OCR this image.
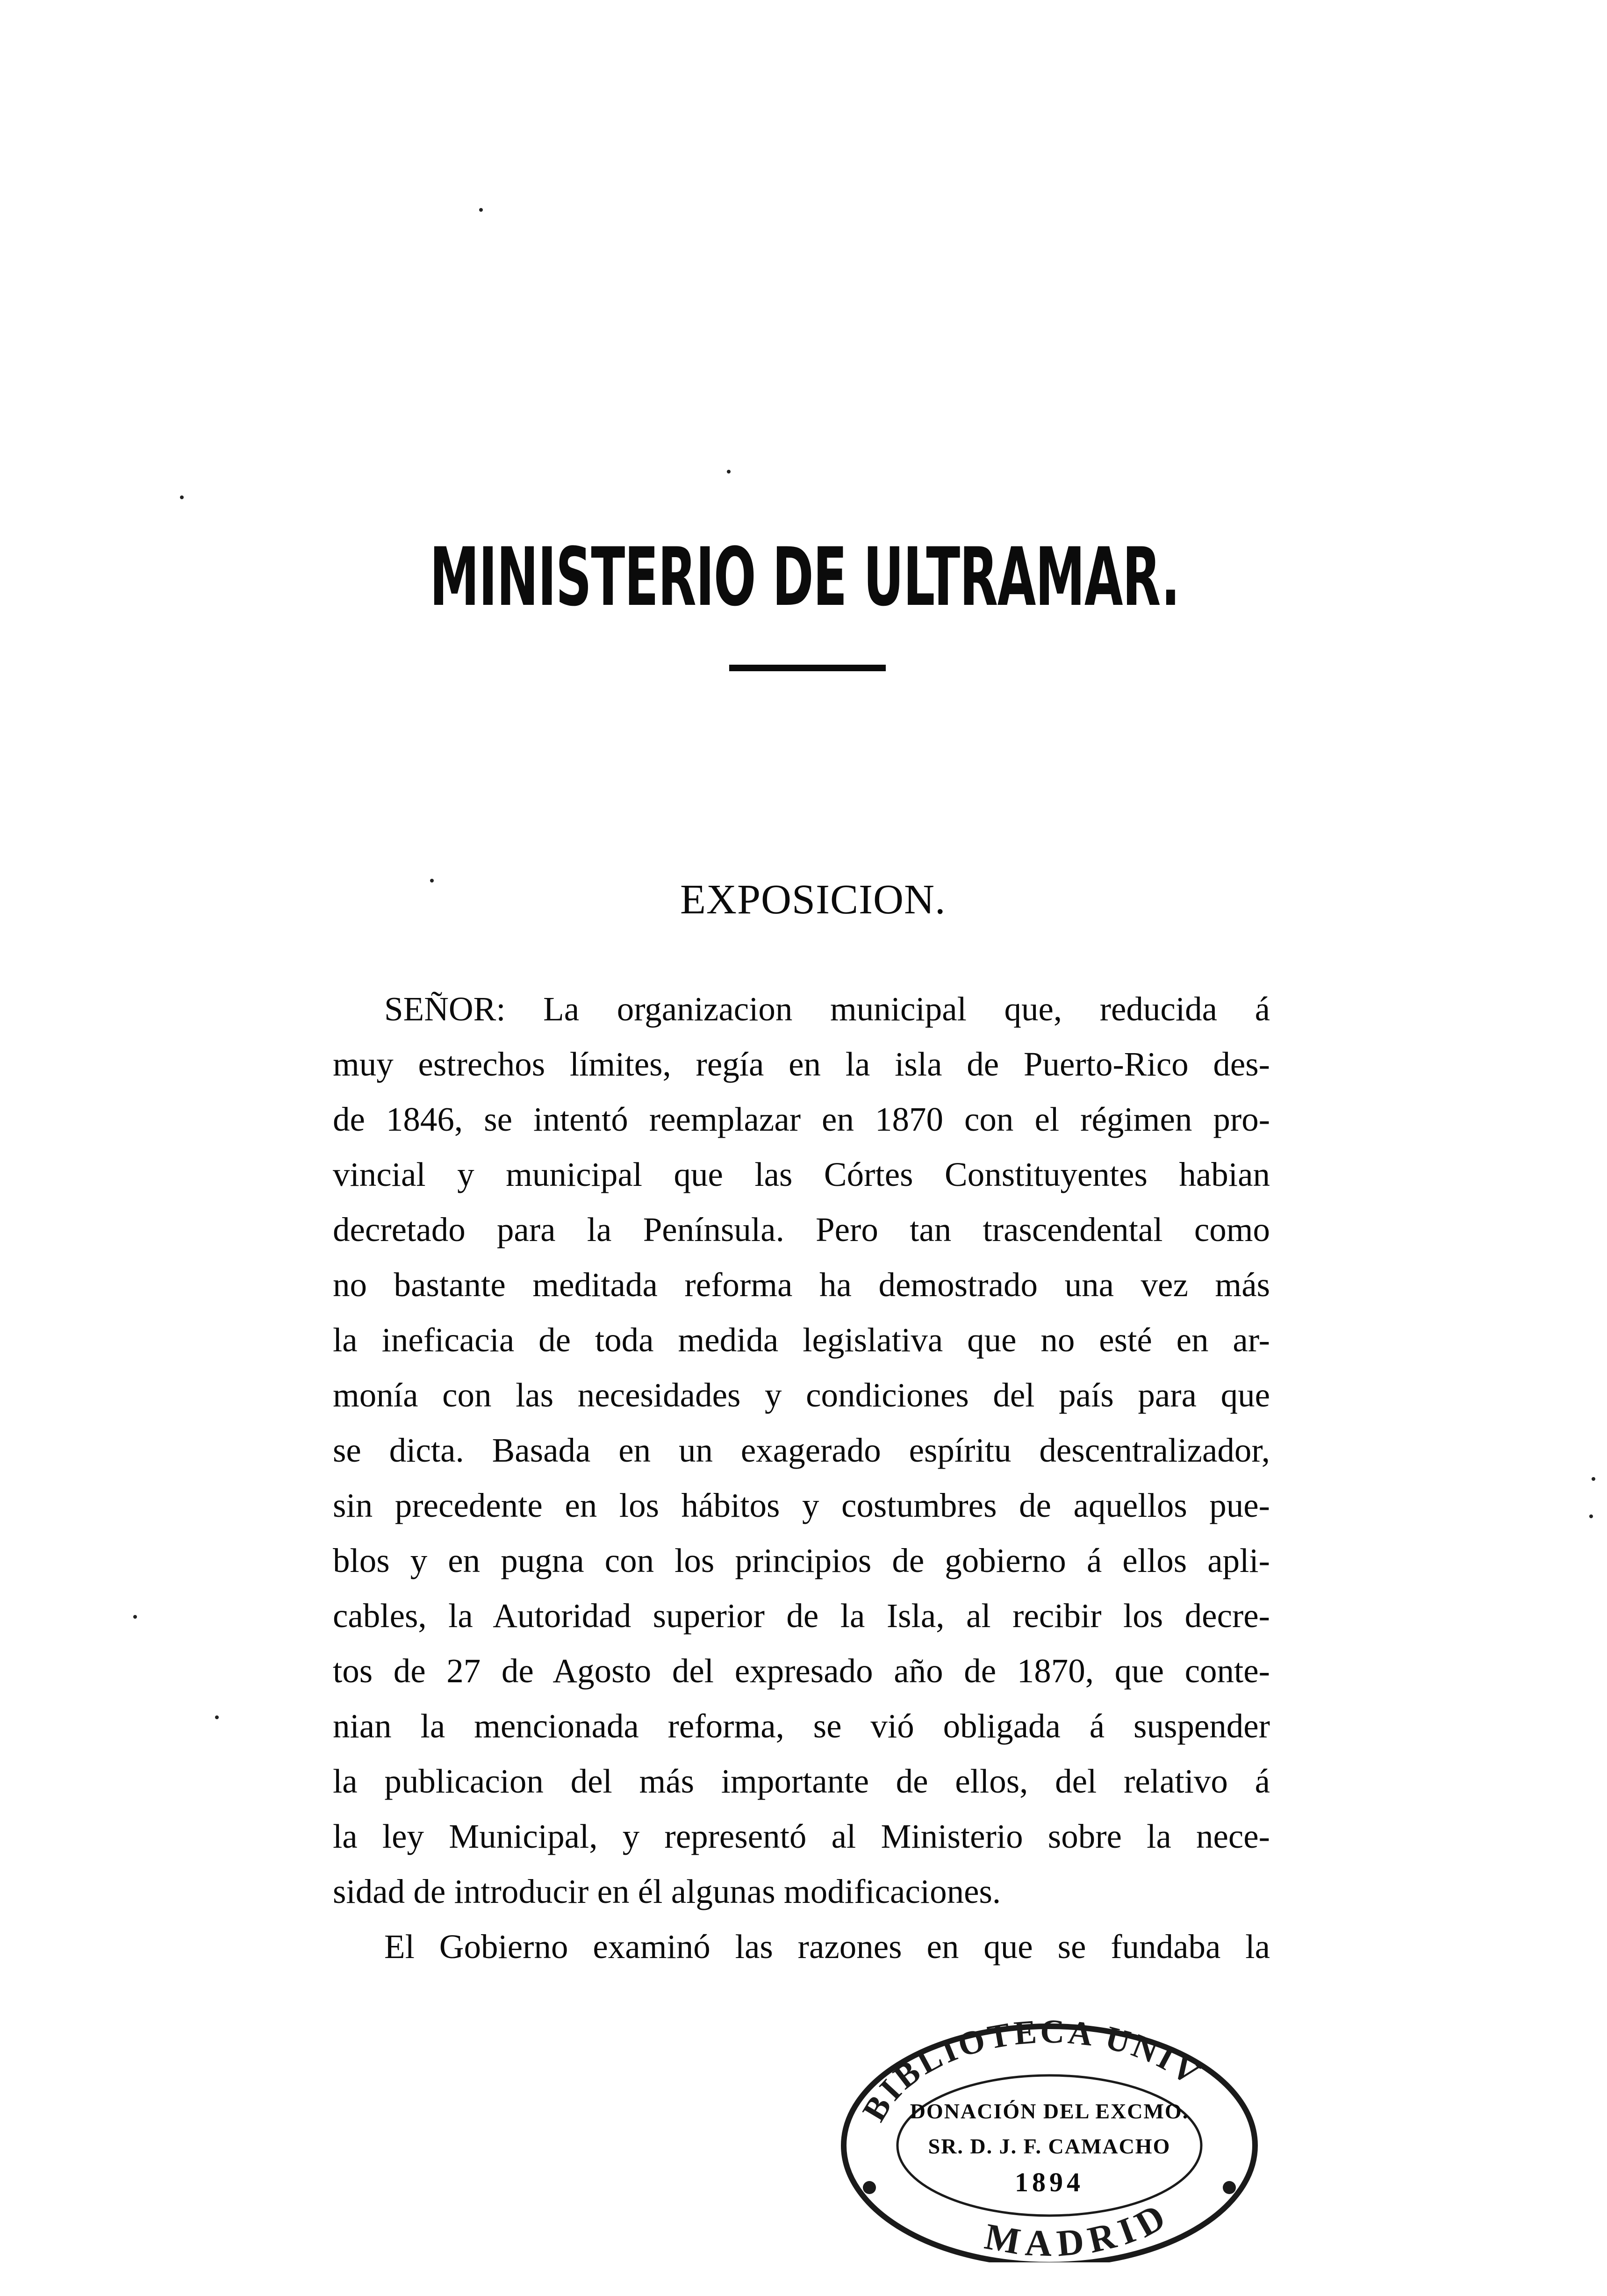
MINISTERIO DE ULTRAMAR.
EXPOSICION.

SEÑOR: La organizacion municipal que, reducida á
muy estrechos límites, regía en la isla de Puerto-Rico des-
de 1846, se intentó reemplazar en 1870 con el régimen pro-
vincial y municipal que las Córtes Constituyentes habian
decretado para la Península. Pero tan trascendental como
no bastante meditada reforma ha demostrado una vez más
la ineficacia de toda medida legislativa que no esté en ar-
monía con las necesidades y condiciones del país para que
se dicta. Basada en un exagerado espíritu descentralizador,
sin precedente en los hábitos y costumbres de aquellos pue-
blos y en pugna con los principios de gobierno á ellos apli-
cables, la Autoridad superior de la Isla, al recibir los decre-
tos de 27 de Agosto del expresado año de 1870, que conte-
nian la mencionada reforma, se vió obligada á suspender
la publicacion del más importante de ellos, del relativo á
la ley Municipal, y representó al Ministerio sobre la nece-
sidad de introducir en él algunas modificaciones.

El Gobierno examinó las razones en que se fundaba la

BIBLIOTECA UNIV
MADRID
DONACIÓN DEL EXCMO.
SR. D. J. F. CAMACHO
1894
